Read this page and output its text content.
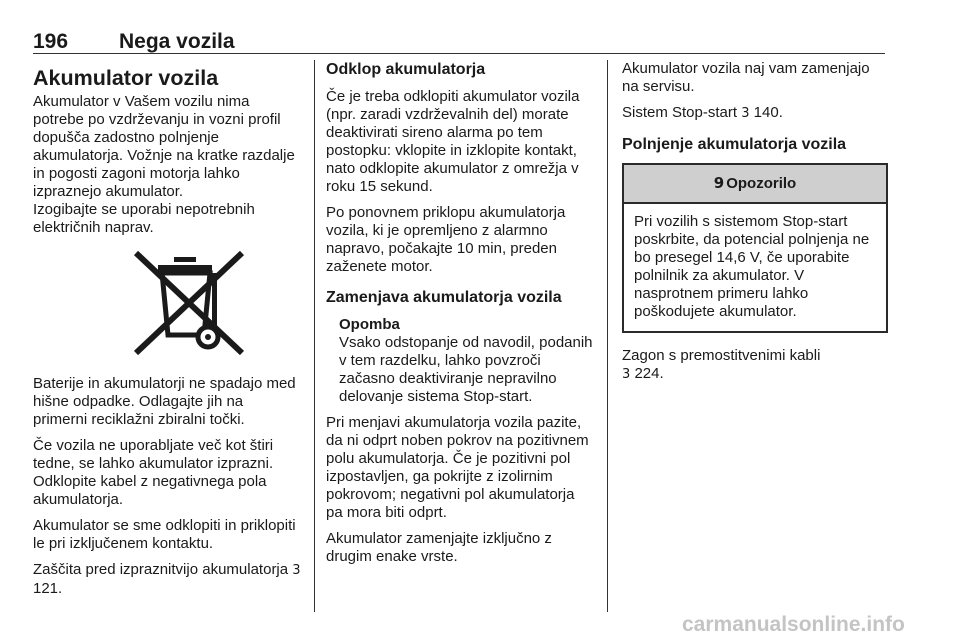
196 Nega vozila
Akumulator vozila

Akumulator v Vašem vozilu nima potrebe po vzdrževanju in vozni profil dopušča zadostno polnjenje akumulatorja. Vožnje na kratke razdalje in pogosti zagoni motorja lahko izpraznejo akumulator.

Izogibajte se uporabi nepotrebnih električnih naprav.

Baterije in akumulatorji ne spadajo med hišne odpadke. Odlagajte jih na primerni reciklažni zbiralni točki.

Če vozila ne uporabljate več kot štiri tedne, se lahko akumulator izprazni. Odklopite kabel z negativnega pola akumulatorja.

Akumulator se sme odklopiti in priklopiti le pri izključenem kontaktu.

Zaščita pred izpraznitvijo akumulatorja 3 121.

Odklop akumulatorja

Če je treba odklopiti akumulator vozila (npr. zaradi vzdrževalnih del) morate deaktivirati sireno alarma po tem postopku: vklopite in izklopite kontakt, nato odklopite akumulator z omrežja v roku 15 sekund.

Po ponovnem priklopu akumulatorja vozila, ki je opremljeno z alarmno napravo, počakajte 10 min, preden zaženete motor.

Zamenjava akumulatorja vozila
Opomba
Vsako odstopanje od navodil, podanih v tem razdelku, lahko povzroči začasno deaktiviranje nepravilno delovanje sistema Stop-start.

Pri menjavi akumulatorja vozila pazite, da ni odprt noben pokrov na pozitivnem polu akumulatorja. Če je pozitivni pol izpostavljen, ga pokrijte z izolirnim pokrovom; negativni pol akumulatorja pa mora biti odprt.

Akumulator zamenjajte izključno z drugim enake vrste.

Akumulator vozila naj vam zamenjajo na servisu.

Sistem Stop-start 3 140.

Polnjenje akumulatorja vozila
9 Opozorilo
Pri vozilih s sistemom Stop-start poskrbite, da potencial polnjenja ne bo presegel 14,6 V, če uporabite polnilnik za akumulator. V nasprotnem primeru lahko poškodujete akumulator.

Zagon s premostitvenimi kabli
3 224.

carmanualsonline.info
